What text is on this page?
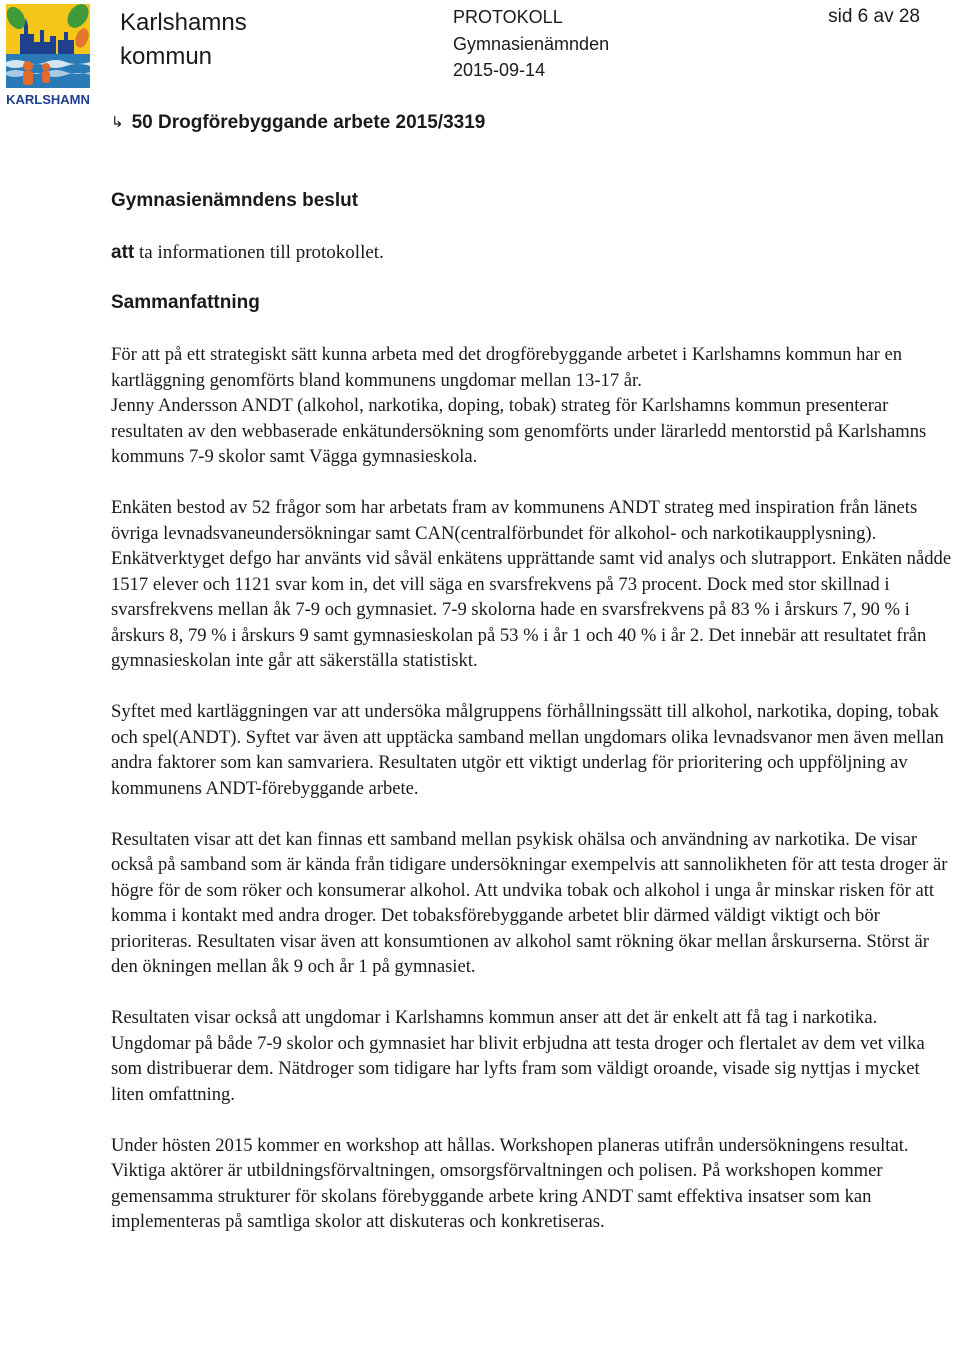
KARLSHAMN
Karlshamns
kommun
PROTOKOLL
Gymnasienämnden
2015-09-14
sid 6 av 28
↳ 50 Drogförebyggande arbete 2015/3319
Gymnasienämndens beslut
att ta informationen till protokollet.
Sammanfattning

För att på ett strategiskt sätt kunna arbeta med det drogförebyggande arbetet i Karlshamns kommun har en kartläggning genomförts bland kommunens ungdomar mellan 13-17 år.

Jenny Andersson ANDT (alkohol, narkotika, doping, tobak) strateg för Karlshamns kommun presenterar resultaten av den webbaserade enkätundersökning som genomförts under lärarledd mentorstid på Karlshamns kommuns 7-9 skolor samt Vägga gymnasieskola.

Enkäten bestod av 52 frågor som har arbetats fram av kommunens ANDT strateg med inspiration från länets övriga levnadsvaneundersökningar samt CAN(centralförbundet för alkohol- och narkotikaupplysning). Enkätverktyget defgo har använts vid såväl enkätens upprättande samt vid analys och slutrapport. Enkäten nådde 1517 elever och 1121 svar kom in, det vill säga en svarsfrekvens på 73 procent. Dock med stor skillnad i svarsfrekvens mellan åk 7-9 och gymnasiet. 7-9 skolorna hade en svarsfrekvens på 83 % i årskurs 7, 90 % i årskurs 8, 79 % i årskurs 9 samt gymnasieskolan på 53 % i år 1 och 40 % i år 2. Det innebär att resultatet från gymnasieskolan inte går att säkerställa statistiskt.

Syftet med kartläggningen var att undersöka målgruppens förhållningssätt till alkohol, narkotika, doping, tobak och spel(ANDT). Syftet var även att upptäcka samband mellan ungdomars olika levnadsvanor men även mellan andra faktorer som kan samvariera. Resultaten utgör ett viktigt underlag för prioritering och uppföljning av kommunens ANDT-förebyggande arbete.

Resultaten visar att det kan finnas ett samband mellan psykisk ohälsa och användning av narkotika. De visar också på samband som är kända från tidigare undersökningar exempelvis att sannolikheten för att testa droger är högre för de som röker och konsumerar alkohol. Att undvika tobak och alkohol i unga år minskar risken för att komma i kontakt med andra droger. Det tobaksförebyggande arbetet blir därmed väldigt viktigt och bör prioriteras. Resultaten visar även att konsumtionen av alkohol samt rökning ökar mellan årskurserna. Störst är den ökningen mellan åk 9 och år 1 på gymnasiet.

Resultaten visar också att ungdomar i Karlshamns kommun anser att det är enkelt att få tag i narkotika. Ungdomar på både 7-9 skolor och gymnasiet har blivit erbjudna att testa droger och flertalet av dem vet vilka som distribuerar dem. Nätdroger som tidigare har lyfts fram som väldigt oroande, visade sig nyttjas i mycket liten omfattning.

Under hösten 2015 kommer en workshop att hållas. Workshopen planeras utifrån undersökningens resultat. Viktiga aktörer är utbildningsförvaltningen, omsorgsförvaltningen och polisen. På workshopen kommer gemensamma strukturer för skolans förebyggande arbete kring ANDT samt effektiva insatser som kan implementeras på samtliga skolor att diskuteras och konkretiseras.
